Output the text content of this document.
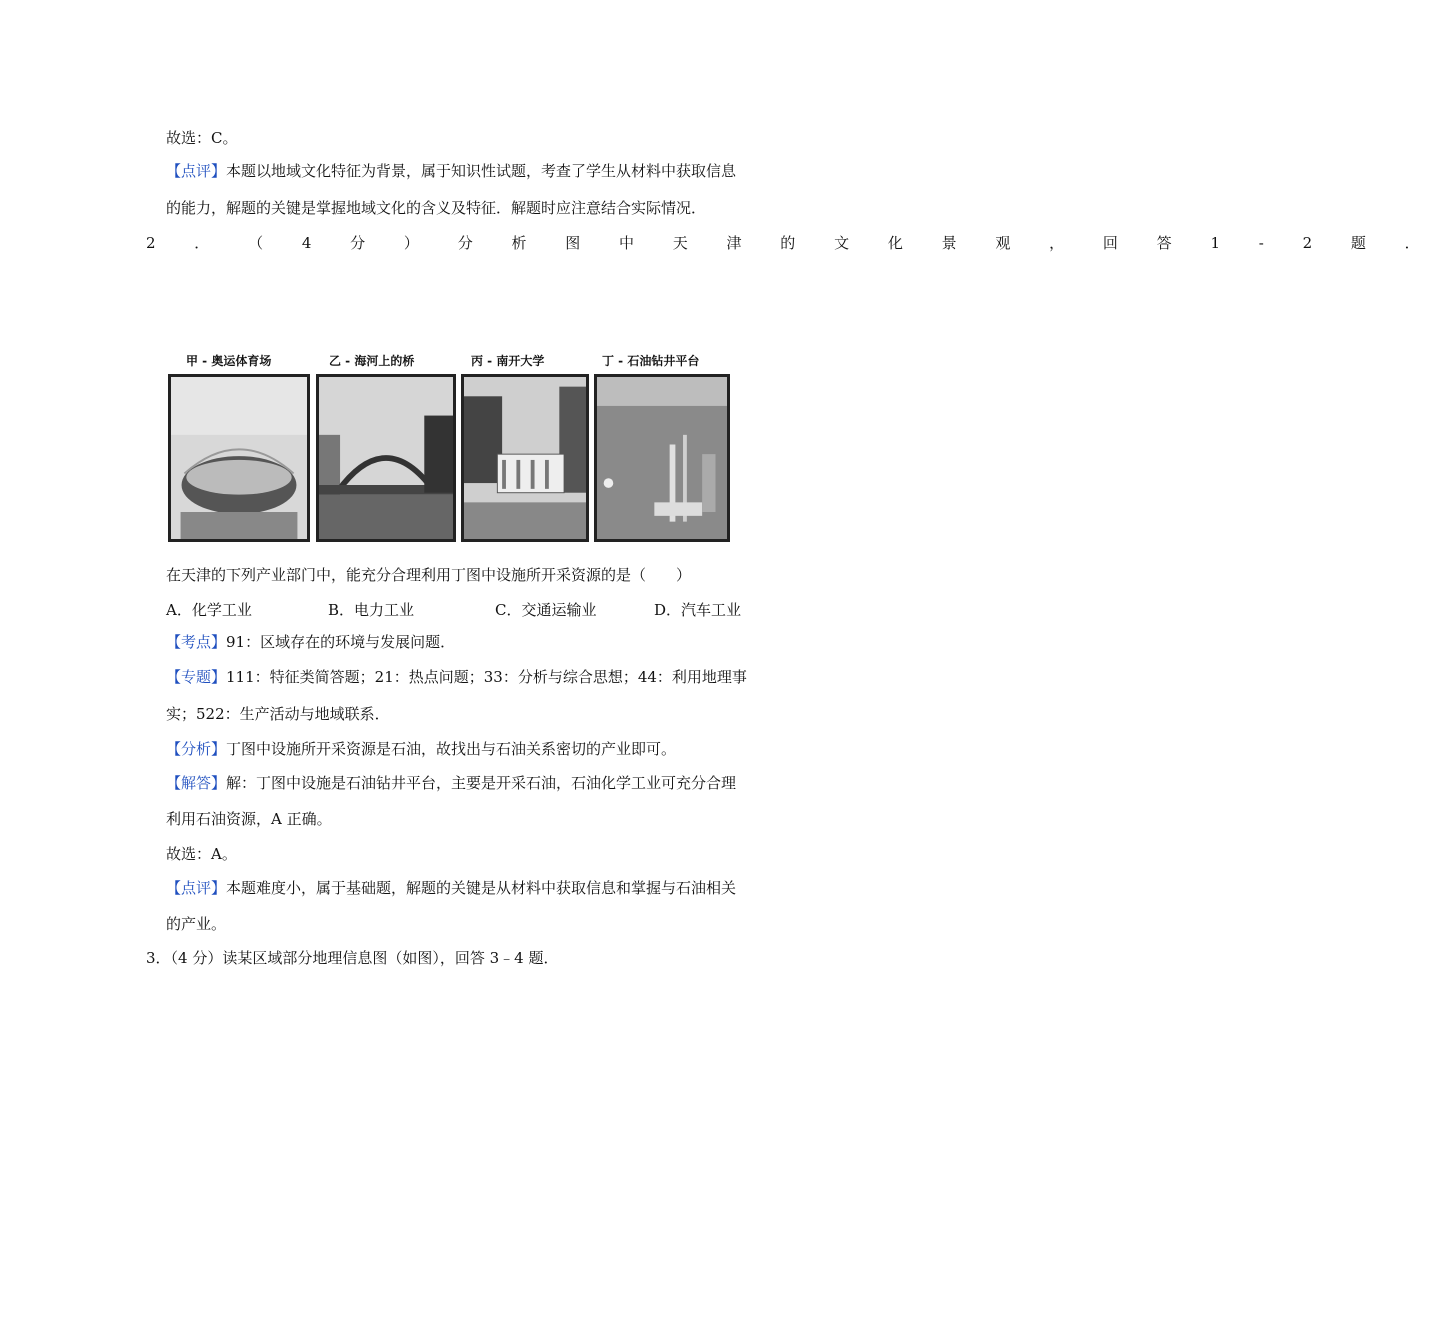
故选：C。
【点评】本题以地域文化特征为背景，属于知识性试题，考查了学生从材料中获取信息
的能力，解题的关键是掌握地域文化的含义及特征．解题时应注意结合实际情况．
2 ． （ 4 分 ） 分 析 图 中 天 津 的 文 化 景 观 ， 回 答 1 - 2 题 ．
甲 - 奥运体育场	乙 - 海河上的桥	丙 - 南开大学	丁 - 石油钻井平台
在天津的下列产业部门中，能充分合理利用丁图中设施所开采资源的是（　　）
A．化学工业	B．电力工业	C．交通运输业	D．汽车工业
【考点】91：区域存在的环境与发展问题．
【专题】111：特征类简答题；21：热点问题；33：分析与综合思想；44：利用地理事
实；522：生产活动与地域联系．
【分析】丁图中设施所开采资源是石油，故找出与石油关系密切的产业即可。
【解答】解：丁图中设施是石油钻井平台，主要是开采石油，石油化学工业可充分合理
利用石油资源，A 正确。
故选：A。
【点评】本题难度小，属于基础题，解题的关键是从材料中获取信息和掌握与石油相关
的产业。
3．（4 分）读某区域部分地理信息图（如图），回答 3﹣4 题．
